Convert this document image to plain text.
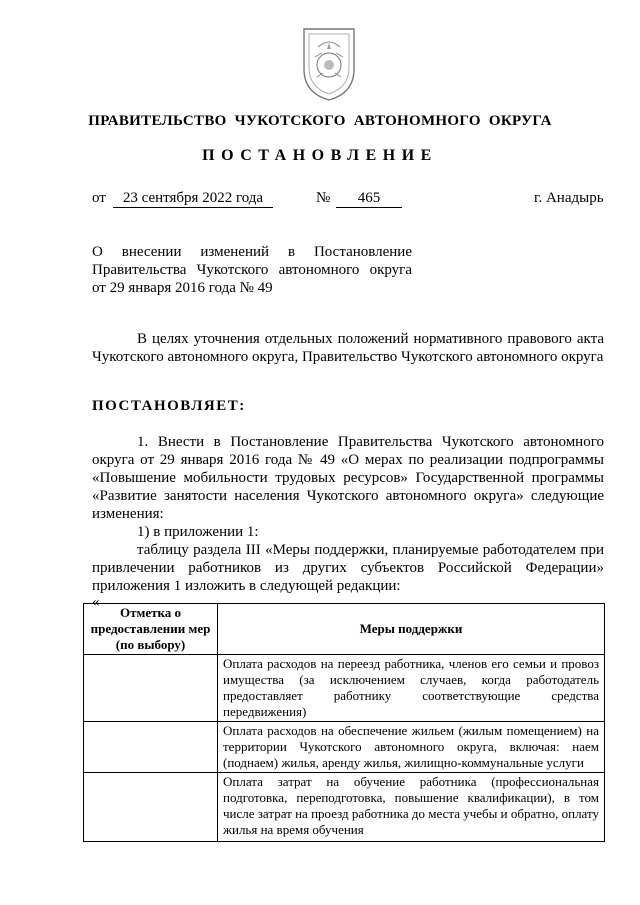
ПРАВИТЕЛЬСТВО ЧУКОТСКОГО АВТОНОМНОГО ОКРУГА
ПОСТАНОВЛЕНИЕ
от	23 сентября 2022 года	№	465	г. Анадырь
О внесении изменений в Постановление
Правительства Чукотского автономного округа
от 29 января 2016 года № 49
В целях уточнения отдельных положений нормативного правового акта Чукотского автономного округа, Правительство Чукотского автономного округа
ПОСТАНОВЛЯЕТ:
1. Внести в Постановление Правительства Чукотского автономного округа от 29 января 2016 года № 49 «О мерах по реализации подпрограммы «Повышение мобильности трудовых ресурсов» Государственной программы «Развитие занятости населения Чукотского автономного округа» следующие изменения:
1) в приложении 1:
таблицу раздела III «Меры поддержки, планируемые работодателем при привлечении работников из других субъектов Российской Федерации» приложения 1 изложить в следующей редакции:
«
Отметка о предоставлении мер (по выбору)	Меры поддержки
	Оплата расходов на переезд работника, членов его семьи и провоз имущества (за исключением случаев, когда работодатель предоставляет работнику соответствующие средства передвижения)
	Оплата расходов на обеспечение жильем (жилым помещением) на территории Чукотского автономного округа, включая: наем (поднаем) жилья, аренду жилья, жилищно-коммунальные услуги
	Оплата затрат на обучение работника (профессиональная подготовка, переподготовка, повышение квалификации), в том числе затрат на проезд работника до места учебы и обратно, оплату жилья на время обучения
